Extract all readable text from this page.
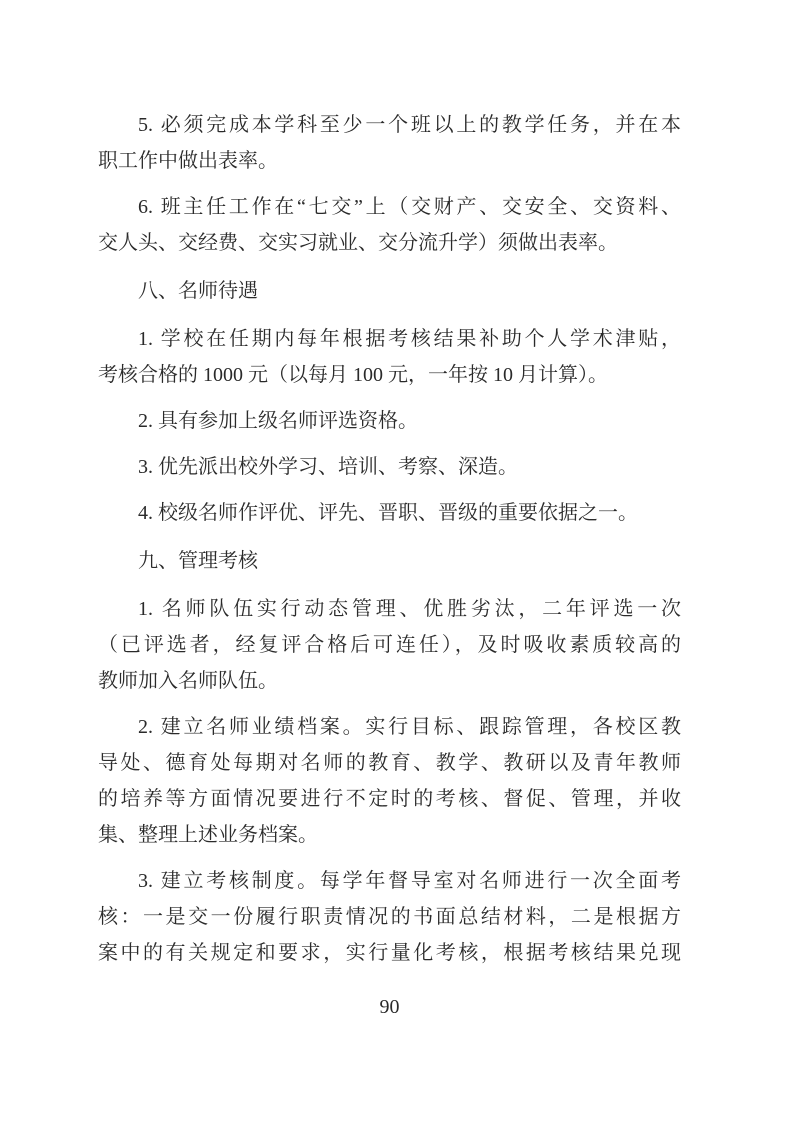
5. 必须完成本学科至少一个班以上的教学任务，并在本
职工作中做出表率。
6. 班主任工作在“七交”上（交财产、交安全、交资料、
交人头、交经费、交实习就业、交分流升学）须做出表率。
八、名师待遇
1. 学校在任期内每年根据考核结果补助个人学术津贴，
考核合格的 1000 元（以每月 100 元，一年按 10 月计算）。
2. 具有参加上级名师评选资格。
3. 优先派出校外学习、培训、考察、深造。
4. 校级名师作评优、评先、晋职、晋级的重要依据之一。
九、管理考核
1. 名师队伍实行动态管理、优胜劣汰，二年评选一次
（已评选者，经复评合格后可连任），及时吸收素质较高的
教师加入名师队伍。
2. 建立名师业绩档案。实行目标、跟踪管理，各校区教
导处、德育处每期对名师的教育、教学、教研以及青年教师
的培养等方面情况要进行不定时的考核、督促、管理，并收
集、整理上述业务档案。
3. 建立考核制度。每学年督导室对名师进行一次全面考
核：一是交一份履行职责情况的书面总结材料，二是根据方
案中的有关规定和要求，实行量化考核，根据考核结果兑现
90
